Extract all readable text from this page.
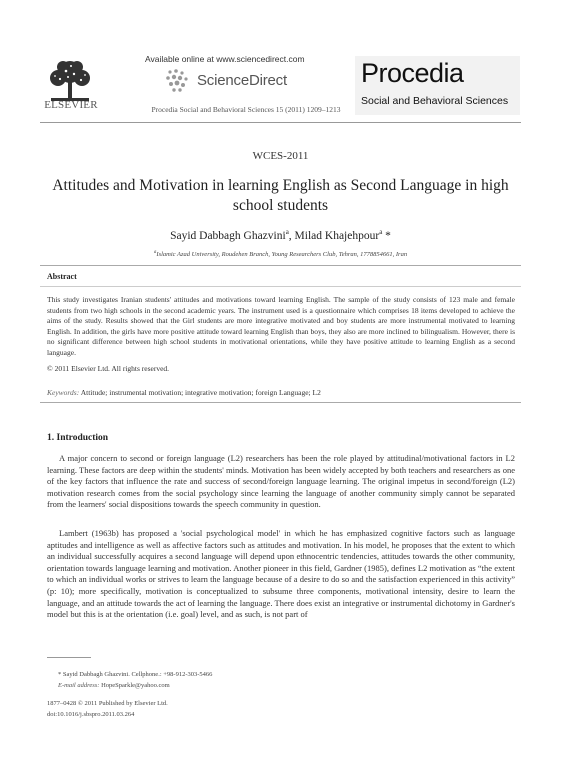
ELSEVIER
Available online at www.sciencedirect.com
ScienceDirect
Procedia Social and Behavioral Sciences 15 (2011) 1209–1213
Procedia
Social and Behavioral Sciences
WCES-2011
Attitudes and Motivation in learning English as Second Language in high school students
Sayid Dabbagh Ghazvini$^a$, Milad Khajehpour$^a$ *
$^a$Islamic Azad University, Roudehen Branch, Young Researchers Club, Tehran, 1778854661, Iran
Abstract
This study investigates Iranian students' attitudes and motivations toward learning English. The sample of the study consists of 123 male and female students from two high schools in the second academic years. The instrument used is a questionnaire which comprises 18 items developed to achieve the aims of the study. Results showed that the Girl students are more integrative motivated and boy students are more instrumental motivated to learning English. In addition, the girls have more positive attitude toward learning English than boys, they also are more inclined to bilingualism. However, there is no significant difference between high school students in motivational orientations, while they have positive attitude to learning English as a second language.
© 2011 Elsevier Ltd. All rights reserved.
Keywords: Attitude; instrumental motivation; integrative motivation; foreign Language; L2
1. Introduction
A major concern to second or foreign language (L2) researchers has been the role played by attitudinal/motivational factors in L2 learning. These factors are deep within the students' minds. Motivation has been widely accepted by both teachers and researchers as one of the key factors that influence the rate and success of second/foreign language learning. The original impetus in second/foreign (L2) motivation research comes from the social psychology since learning the language of another community simply cannot be separated from the learners' social dispositions towards the speech community in question.
Lambert (1963b) has proposed a 'social psychological model' in which he has emphasized cognitive factors such as language aptitudes and intelligence as well as affective factors such as attitudes and motivation. In his model, he proposes that the extent to which an individual successfully acquires a second language will depend upon ethnocentric tendencies, attitudes towards the other community, orientation towards language learning and motivation. Another pioneer in this field, Gardner (1985), defines L2 motivation as “the extent to which an individual works or strives to learn the language because of a desire to do so and the satisfaction experienced in this activity” (p: 10); more specifically, motivation is conceptualized to subsume three components, motivational intensity, desire to learn the language, and an attitude towards the act of learning the language. There does exist an integrative or instrumental dichotomy in Gardner's model but this is at the orientation (i.e. goal) level, and as such, is not part of
* Sayid Dabbagh Ghazvini. Cellphone.: +98-912-303-5466
E-mail address: HopeSparkle@yahoo.com
1877–0428 © 2011 Published by Elsevier Ltd.
doi:10.1016/j.sbspro.2011.03.264
